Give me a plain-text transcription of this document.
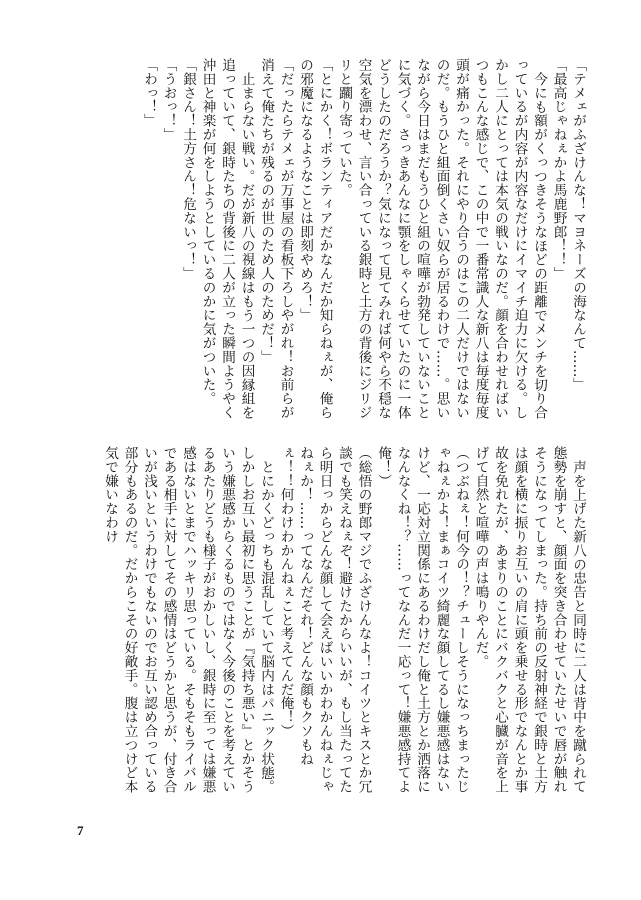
「テメェがふざけんな！マヨネーズの海なんて……」

「最高じゃねぇかよ馬鹿野郎！！」

今にも額がくっつきそうなほどの距離でメンチを切り合っているが内容が内容なだけにイマイチ迫力に欠ける。しかし二人にとっては本気の戦いなのだ。顔を合わせればいつもこんな感じで、この中で一番常識人な新八は毎度毎度頭が痛かった。それにやり合うのはこの二人だけではないのだ。もうひと組面倒くさい奴らが居るわけで……。思いながら今日はまだもうひと組の喧嘩が勃発していないことに気づく。さっきあんなに顎をしゃくらせていたのに一体どうしたのだろうか？気になって見てみれば何やら不穏な空気を漂わせ、言い合っている銀時と土方の背後にジリジリと躙り寄っていた。

「とにかく！ボランティアだかなんだか知らねぇが、俺らの邪魔になるようなことは即刻やめろ！」

「だったらテメェが万事屋の看板下ろしやがれ！お前らが消えて俺たちが残るのが世のため人のためだ！」

止まらない戦い。だが新八の視線はもう一つの因縁組を追っていて、銀時たちの背後に二人が立った瞬間ようやく沖田と神楽が何をしようとしているのかに気がついた。

「銀さん！土方さん！危ないっ！」

「うおっ！」

「わっ！」

声を上げた新八の忠告と同時に二人は背中を蹴られて態勢を崩すと、顔面を突き合わせていたせいで唇が触れそうになってしまった。持ち前の反射神経で銀時と土方は顔を横に振りお互いの肩に頭を乗せる形でなんとか事故を免れたが、あまりのことにバクバクと心臓が音を上げて自然と喧嘩の声は鳴りやんだ。

（つぶねぇ！何今の！？チューしそうになっちまったじゃねぇかよ！まぁコイツ綺麗な顔してるし嫌悪感はないけど、一応対立関係にあるわけだし俺と土方とか洒落になんなくね！？……ってなんだ一応って！嫌悪感持てよ俺！）

（総悟の野郎マジでふざけんなよ！コイツとキスとか冗談でも笑えねぇぞ！避けたからいいが、もし当たってたら明日っからどんな顔して会えばいいかわかんねぇじゃねぇか！……ってなんだそれ！どんな顔もクソもねぇ！！何わけわかんねぇこと考えてんだ俺！）

とにかくどっちも混乱していて脳内はパニック状態。しかしお互い最初に思うことが『気持ち悪い』とかそういう嫌悪感からくるものではなく今後のことを考えているあたりどうも様子がおかしいし、銀時に至っては嫌悪感はないとまでハッキリ思っている。そもそもライバルである相手に対してその感情はどうかと思うが、付き合いが浅いというわけでもないのでお互い認め合っている部分もあるのだ。だからこその好敵手。腹は立つけど本気で嫌いなわけ

7
